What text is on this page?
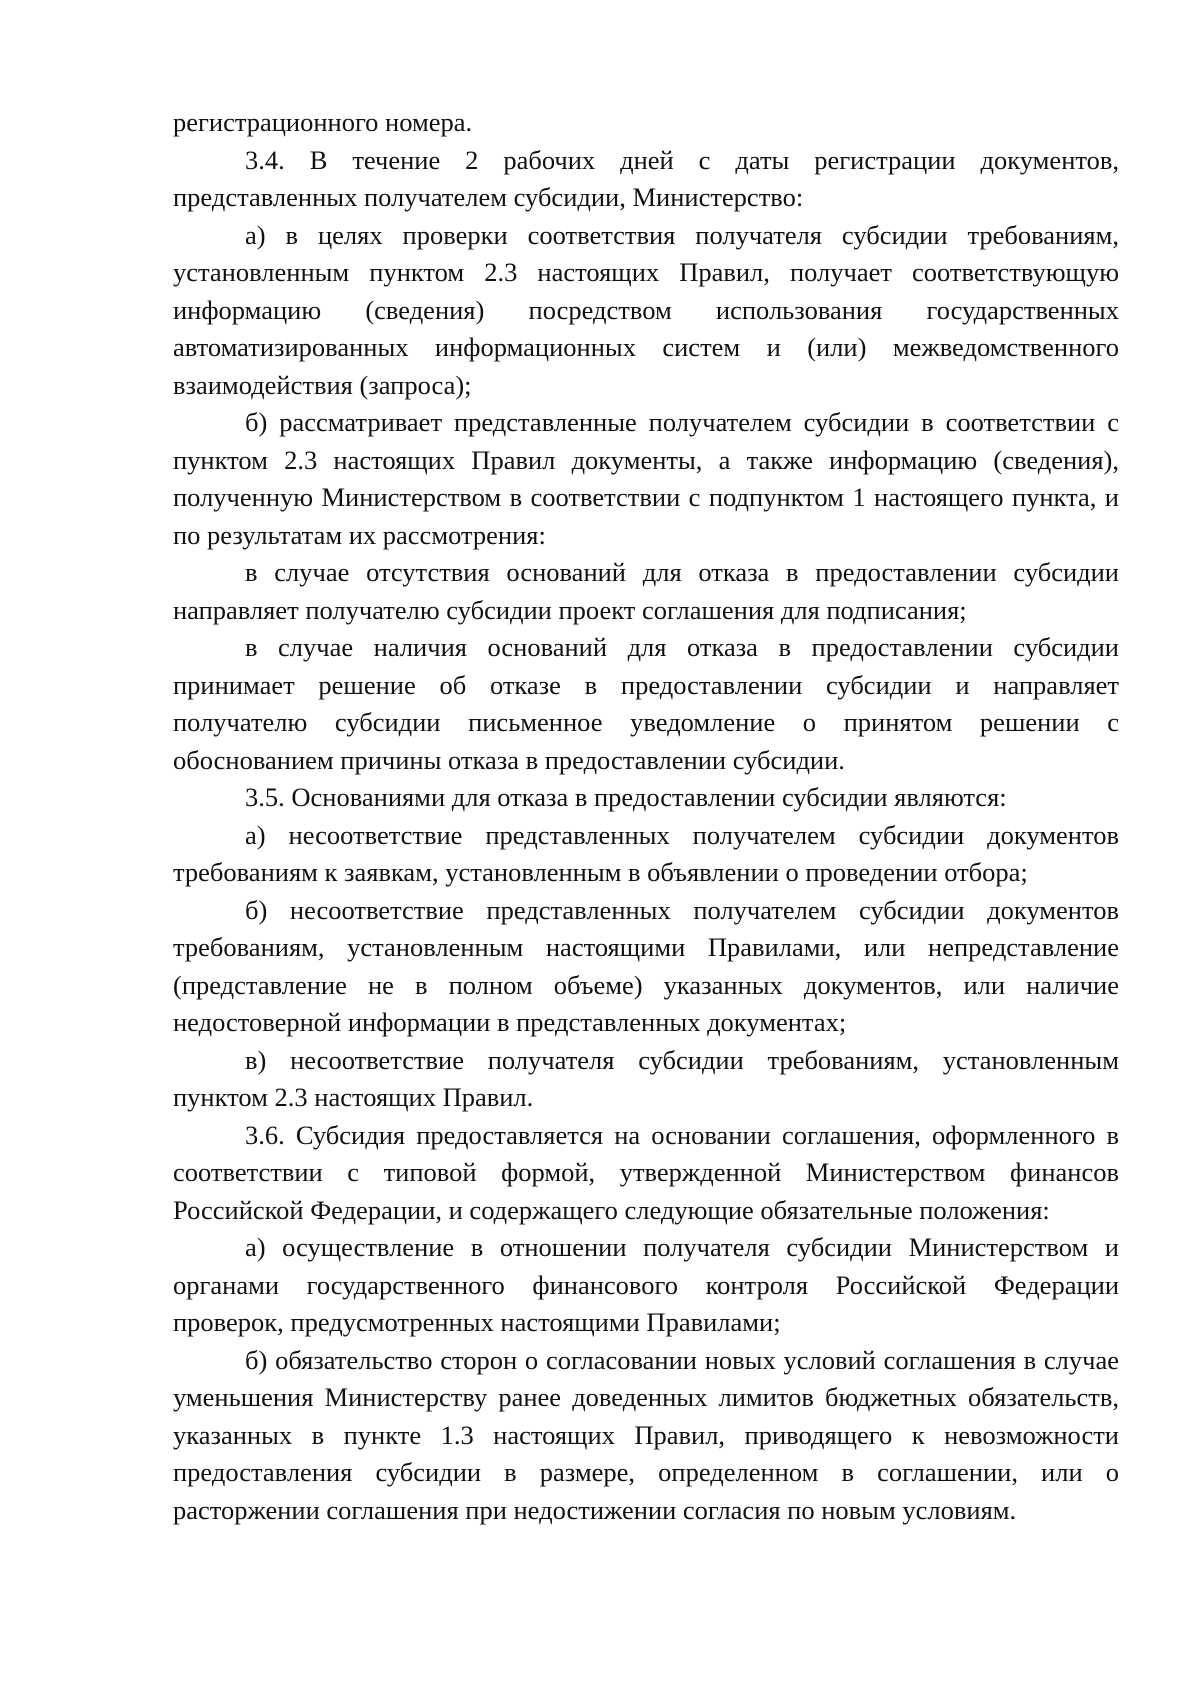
регистрационного номера.

3.4. В течение 2 рабочих дней с даты регистрации документов, представленных получателем субсидии, Министерство:

а) в целях проверки соответствия получателя субсидии требованиям, установленным пунктом 2.3 настоящих Правил, получает соответствующую информацию (сведения) посредством использования государственных автоматизированных информационных систем и (или) межведомственного взаимодействия (запроса);

б) рассматривает представленные получателем субсидии в соответствии с пунктом 2.3 настоящих Правил документы, а также информацию (сведения), полученную Министерством в соответствии с подпунктом 1 настоящего пункта, и по результатам их рассмотрения:

в случае отсутствия оснований для отказа в предоставлении субсидии направляет получателю субсидии проект соглашения для подписания;

в случае наличия оснований для отказа в предоставлении субсидии принимает решение об отказе в предоставлении субсидии и направляет получателю субсидии письменное уведомление о принятом решении с обоснованием причины отказа в предоставлении субсидии.

3.5. Основаниями для отказа в предоставлении субсидии являются:

а) несоответствие представленных получателем субсидии документов требованиям к заявкам, установленным в объявлении о проведении отбора;

б) несоответствие представленных получателем субсидии документов требованиям, установленным настоящими Правилами, или непредставление (представление не в полном объеме) указанных документов, или наличие недостоверной информации в представленных документах;

в) несоответствие получателя субсидии требованиям, установленным пунктом 2.3 настоящих Правил.

3.6. Субсидия предоставляется на основании соглашения, оформленного в соответствии с типовой формой, утвержденной Министерством финансов Российской Федерации, и содержащего следующие обязательные положения:

а) осуществление в отношении получателя субсидии Министерством и органами государственного финансового контроля Российской Федерации проверок, предусмотренных настоящими Правилами;

б) обязательство сторон о согласовании новых условий соглашения в случае уменьшения Министерству ранее доведенных лимитов бюджетных обязательств, указанных в пункте 1.3 настоящих Правил, приводящего к невозможности предоставления субсидии в размере, определенном в соглашении, или о расторжении соглашения при недостижении согласия по новым условиям.
